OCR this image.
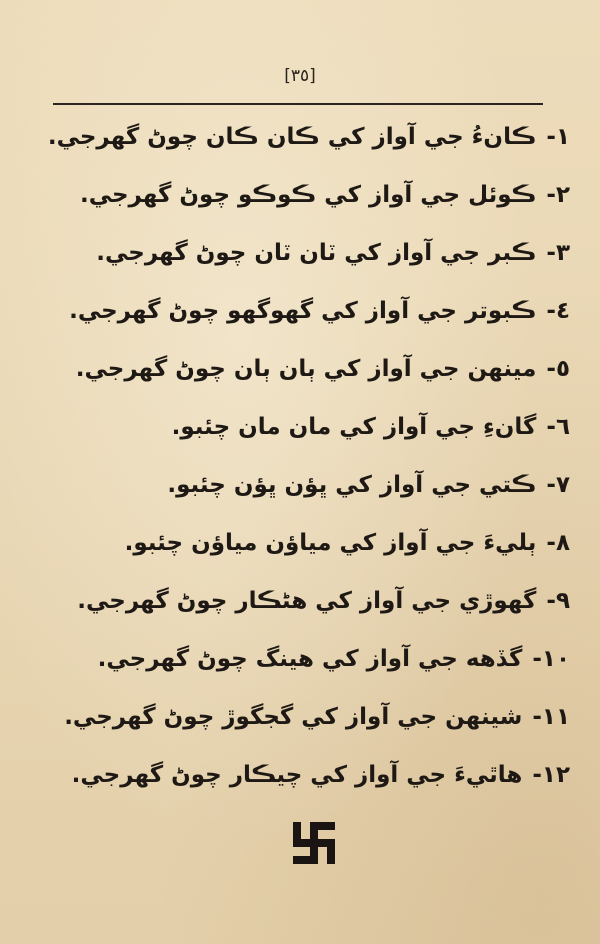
[٣٥]
١-ڪانءُ جي آواز کي ڪان ڪان چوڻ گهرجي.
٢-ڪوئل جي آواز کي ڪوڪو چوڻ گهرجي.
٣-ڪبر جي آواز کي ٽان ٽان چوڻ گهرجي.
٤-ڪبوتر جي آواز کي گهوگهو چوڻ گهرجي.
٥-مينهن جي آواز کي ٻان ٻان چوڻ گهرجي.
٦-گانءِ جي آواز کي مان مان چئبو.
٧-ڪتي جي آواز کي ڀؤن ڀؤن چئبو.
٨-ٻليءَ جي آواز کي مياؤن مياؤن چئبو.
٩-گهوڙي جي آواز کي هڻڪار چوڻ گهرجي.
١٠-گڏهه جي آواز کي هينگ چوڻ گهرجي.
١١-شينهن جي آواز کي گجگوڙ چوڻ گهرجي.
١٢-هاٿيءَ جي آواز کي چيڪار چوڻ گهرجي.
